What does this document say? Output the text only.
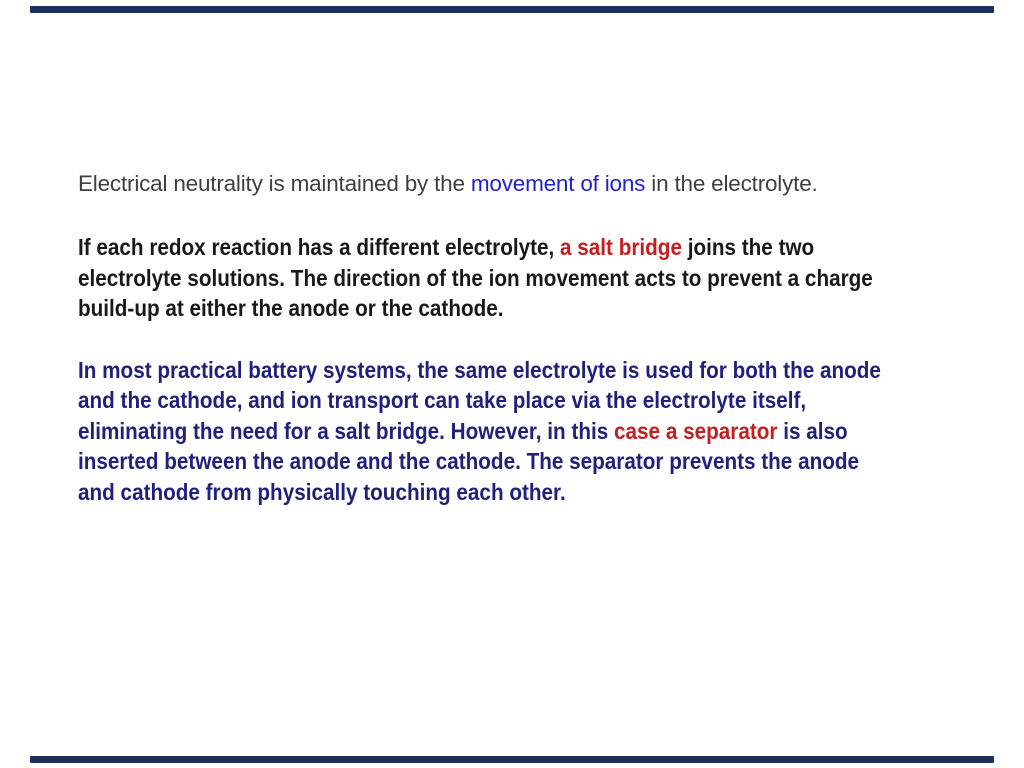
Electrical neutrality is maintained by the movement of ions in the electrolyte.
If each redox reaction has a different electrolyte, a salt bridge joins the two
electrolyte solutions. The direction of the ion movement acts to prevent a charge
build-up at either the anode or the cathode.
In most practical battery systems, the same electrolyte is used for both the anode
and the cathode, and ion transport can take place via the electrolyte itself,
eliminating the need for a salt bridge. However, in this case a separator is also
inserted between the anode and the cathode. The separator prevents the anode
and cathode from physically touching each other.
